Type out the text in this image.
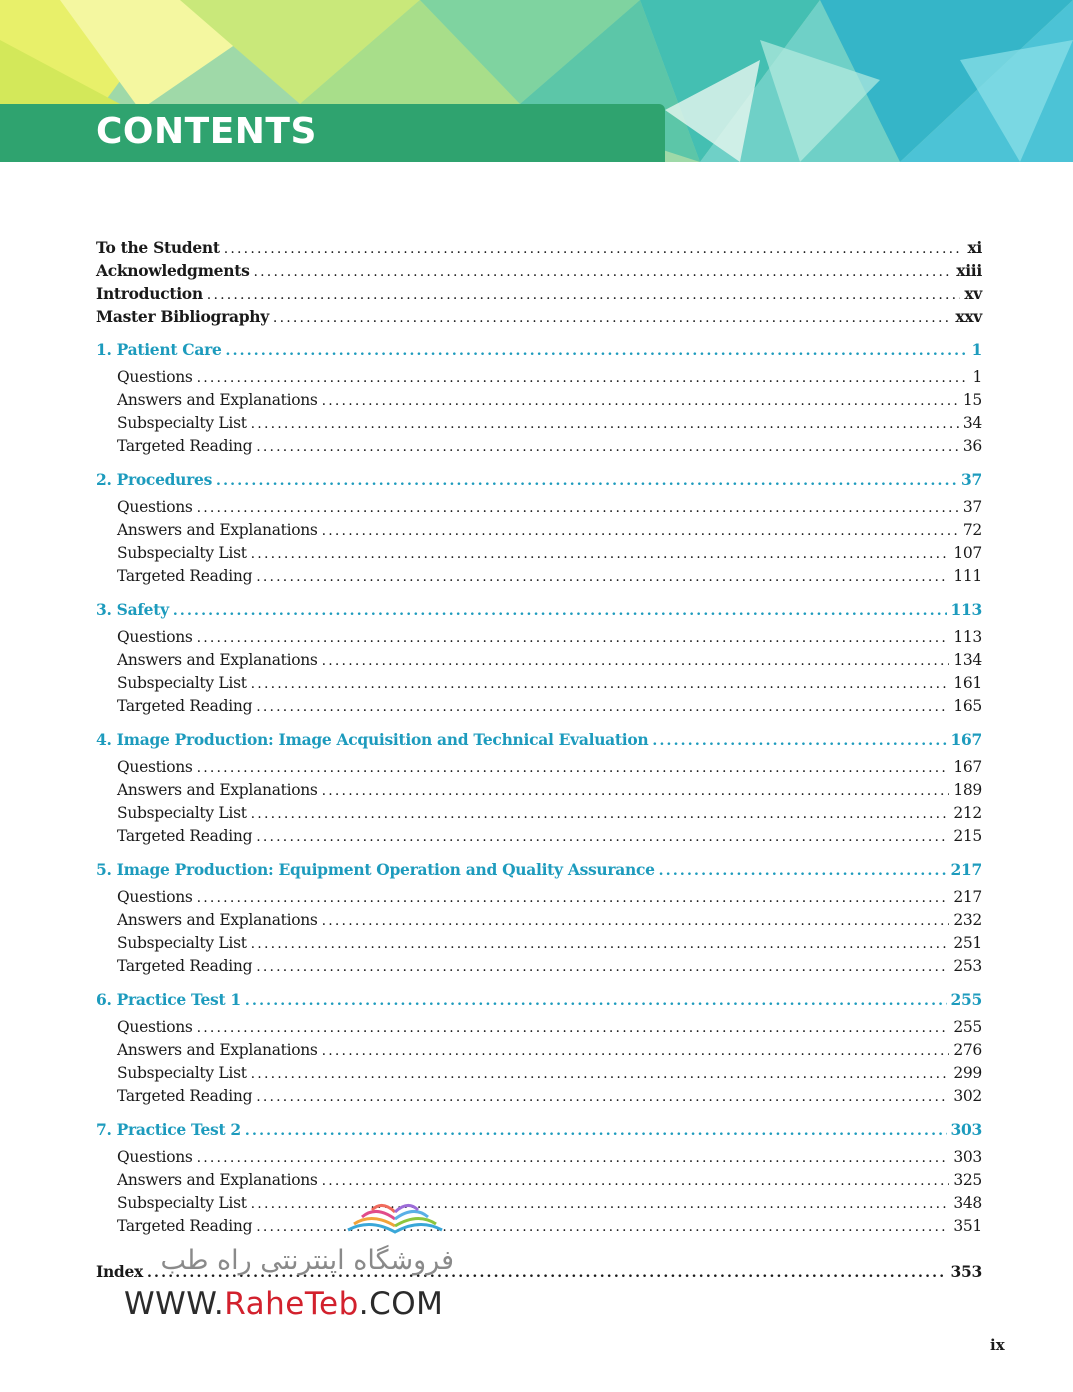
CONTENTS
To the Student .....	xi
Acknowledgments .....	xiii
Introduction .....	xv
Master Bibliography .....	xxv
1. Patient Care .....	1
Questions .....	1
Answers and Explanations .....	15
Subspecialty List .....	34
Targeted Reading .....	36
2. Procedures .....	37
Questions .....	37
Answers and Explanations .....	72
Subspecialty List .....	107
Targeted Reading .....	111
3. Safety .....	113
Questions .....	113
Answers and Explanations .....	134
Subspecialty List .....	161
Targeted Reading .....	165
4. Image Production: Image Acquisition and Technical Evaluation .....	167
Questions .....	167
Answers and Explanations .....	189
Subspecialty List .....	212
Targeted Reading .....	215
5. Image Production: Equipment Operation and Quality Assurance .....	217
Questions .....	217
Answers and Explanations .....	232
Subspecialty List .....	251
Targeted Reading .....	253
6. Practice Test 1 .....	255
Questions .....	255
Answers and Explanations .....	276
Subspecialty List .....	299
Targeted Reading .....	302
7. Practice Test 2 .....	303
Questions .....	303
Answers and Explanations .....	325
Subspecialty List .....	348
Targeted Reading .....	351
Index .....	353
ix
فروشگاه اینترنتی راه طب
WWW.RaheTeb.COM
